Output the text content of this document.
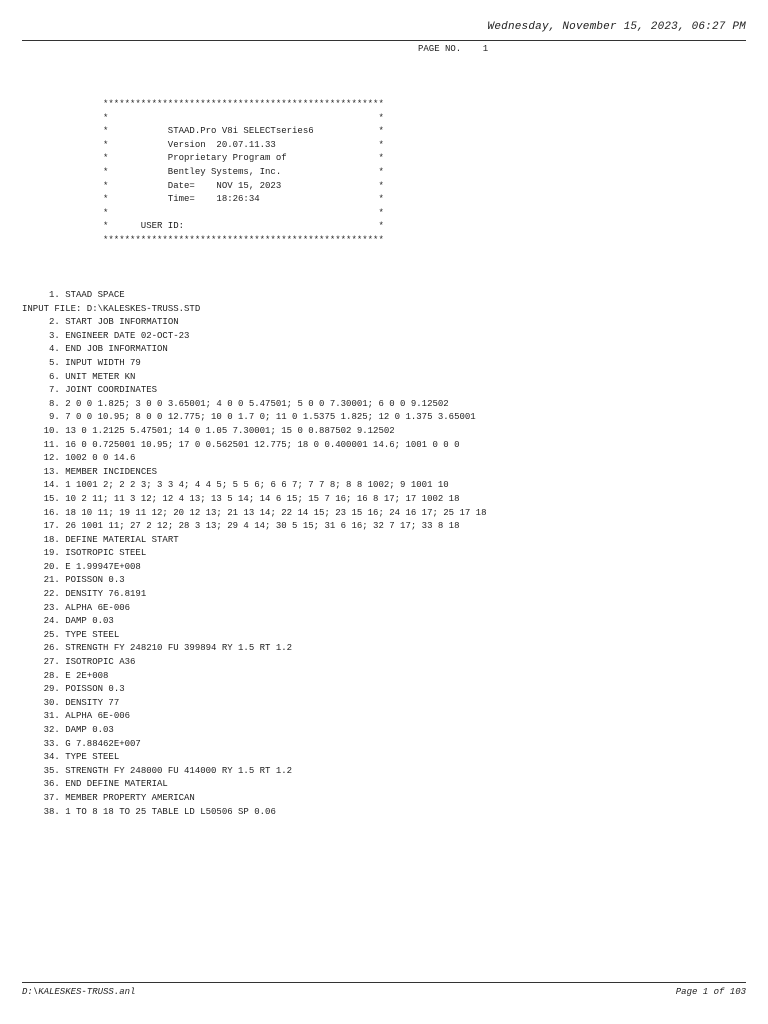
Wednesday, November 15, 2023, 06:27 PM
PAGE NO.    1
****************************************************
*                                                  *
*           STAAD.Pro V8i SELECTseries6            *
*           Version  20.07.11.33                   *
*           Proprietary Program of                 *
*           Bentley Systems, Inc.                  *
*           Date=    NOV 15, 2023                  *
*           Time=    18:26:34                      *
*                                                  *
*      USER ID:                                    *
****************************************************
1. STAAD SPACE
INPUT FILE: D:\KALESKES-TRUSS.STD
2. START JOB INFORMATION
3. ENGINEER DATE 02-OCT-23
4. END JOB INFORMATION
5. INPUT WIDTH 79
6. UNIT METER KN
7. JOINT COORDINATES
8. 2 0 0 1.825; 3 0 0 3.65001; 4 0 0 5.47501; 5 0 0 7.30001; 6 0 0 9.12502
9. 7 0 0 10.95; 8 0 0 12.775; 10 0 1.7 0; 11 0 1.5375 1.825; 12 0 1.375 3.65001
10. 13 0 1.2125 5.47501; 14 0 1.05 7.30001; 15 0 0.887502 9.12502
11. 16 0 0.725001 10.95; 17 0 0.562501 12.775; 18 0 0.400001 14.6; 1001 0 0 0
12. 1002 0 0 14.6
13. MEMBER INCIDENCES
14. 1 1001 2; 2 2 3; 3 3 4; 4 4 5; 5 5 6; 6 6 7; 7 7 8; 8 8 1002; 9 1001 10
15. 10 2 11; 11 3 12; 12 4 13; 13 5 14; 14 6 15; 15 7 16; 16 8 17; 17 1002 18
16. 18 10 11; 19 11 12; 20 12 13; 21 13 14; 22 14 15; 23 15 16; 24 16 17; 25 17 18
17. 26 1001 11; 27 2 12; 28 3 13; 29 4 14; 30 5 15; 31 6 16; 32 7 17; 33 8 18
18. DEFINE MATERIAL START
19. ISOTROPIC STEEL
20. E 1.99947E+008
21. POISSON 0.3
22. DENSITY 76.8191
23. ALPHA 6E-006
24. DAMP 0.03
25. TYPE STEEL
26. STRENGTH FY 248210 FU 399894 RY 1.5 RT 1.2
27. ISOTROPIC A36
28. E 2E+008
29. POISSON 0.3
30. DENSITY 77
31. ALPHA 6E-006
32. DAMP 0.03
33. G 7.88462E+007
34. TYPE STEEL
35. STRENGTH FY 248000 FU 414000 RY 1.5 RT 1.2
36. END DEFINE MATERIAL
37. MEMBER PROPERTY AMERICAN
38. 1 TO 8 18 TO 25 TABLE LD L50506 SP 0.06
D:\KALESKES-TRUSS.anl	Page 1 of 103
